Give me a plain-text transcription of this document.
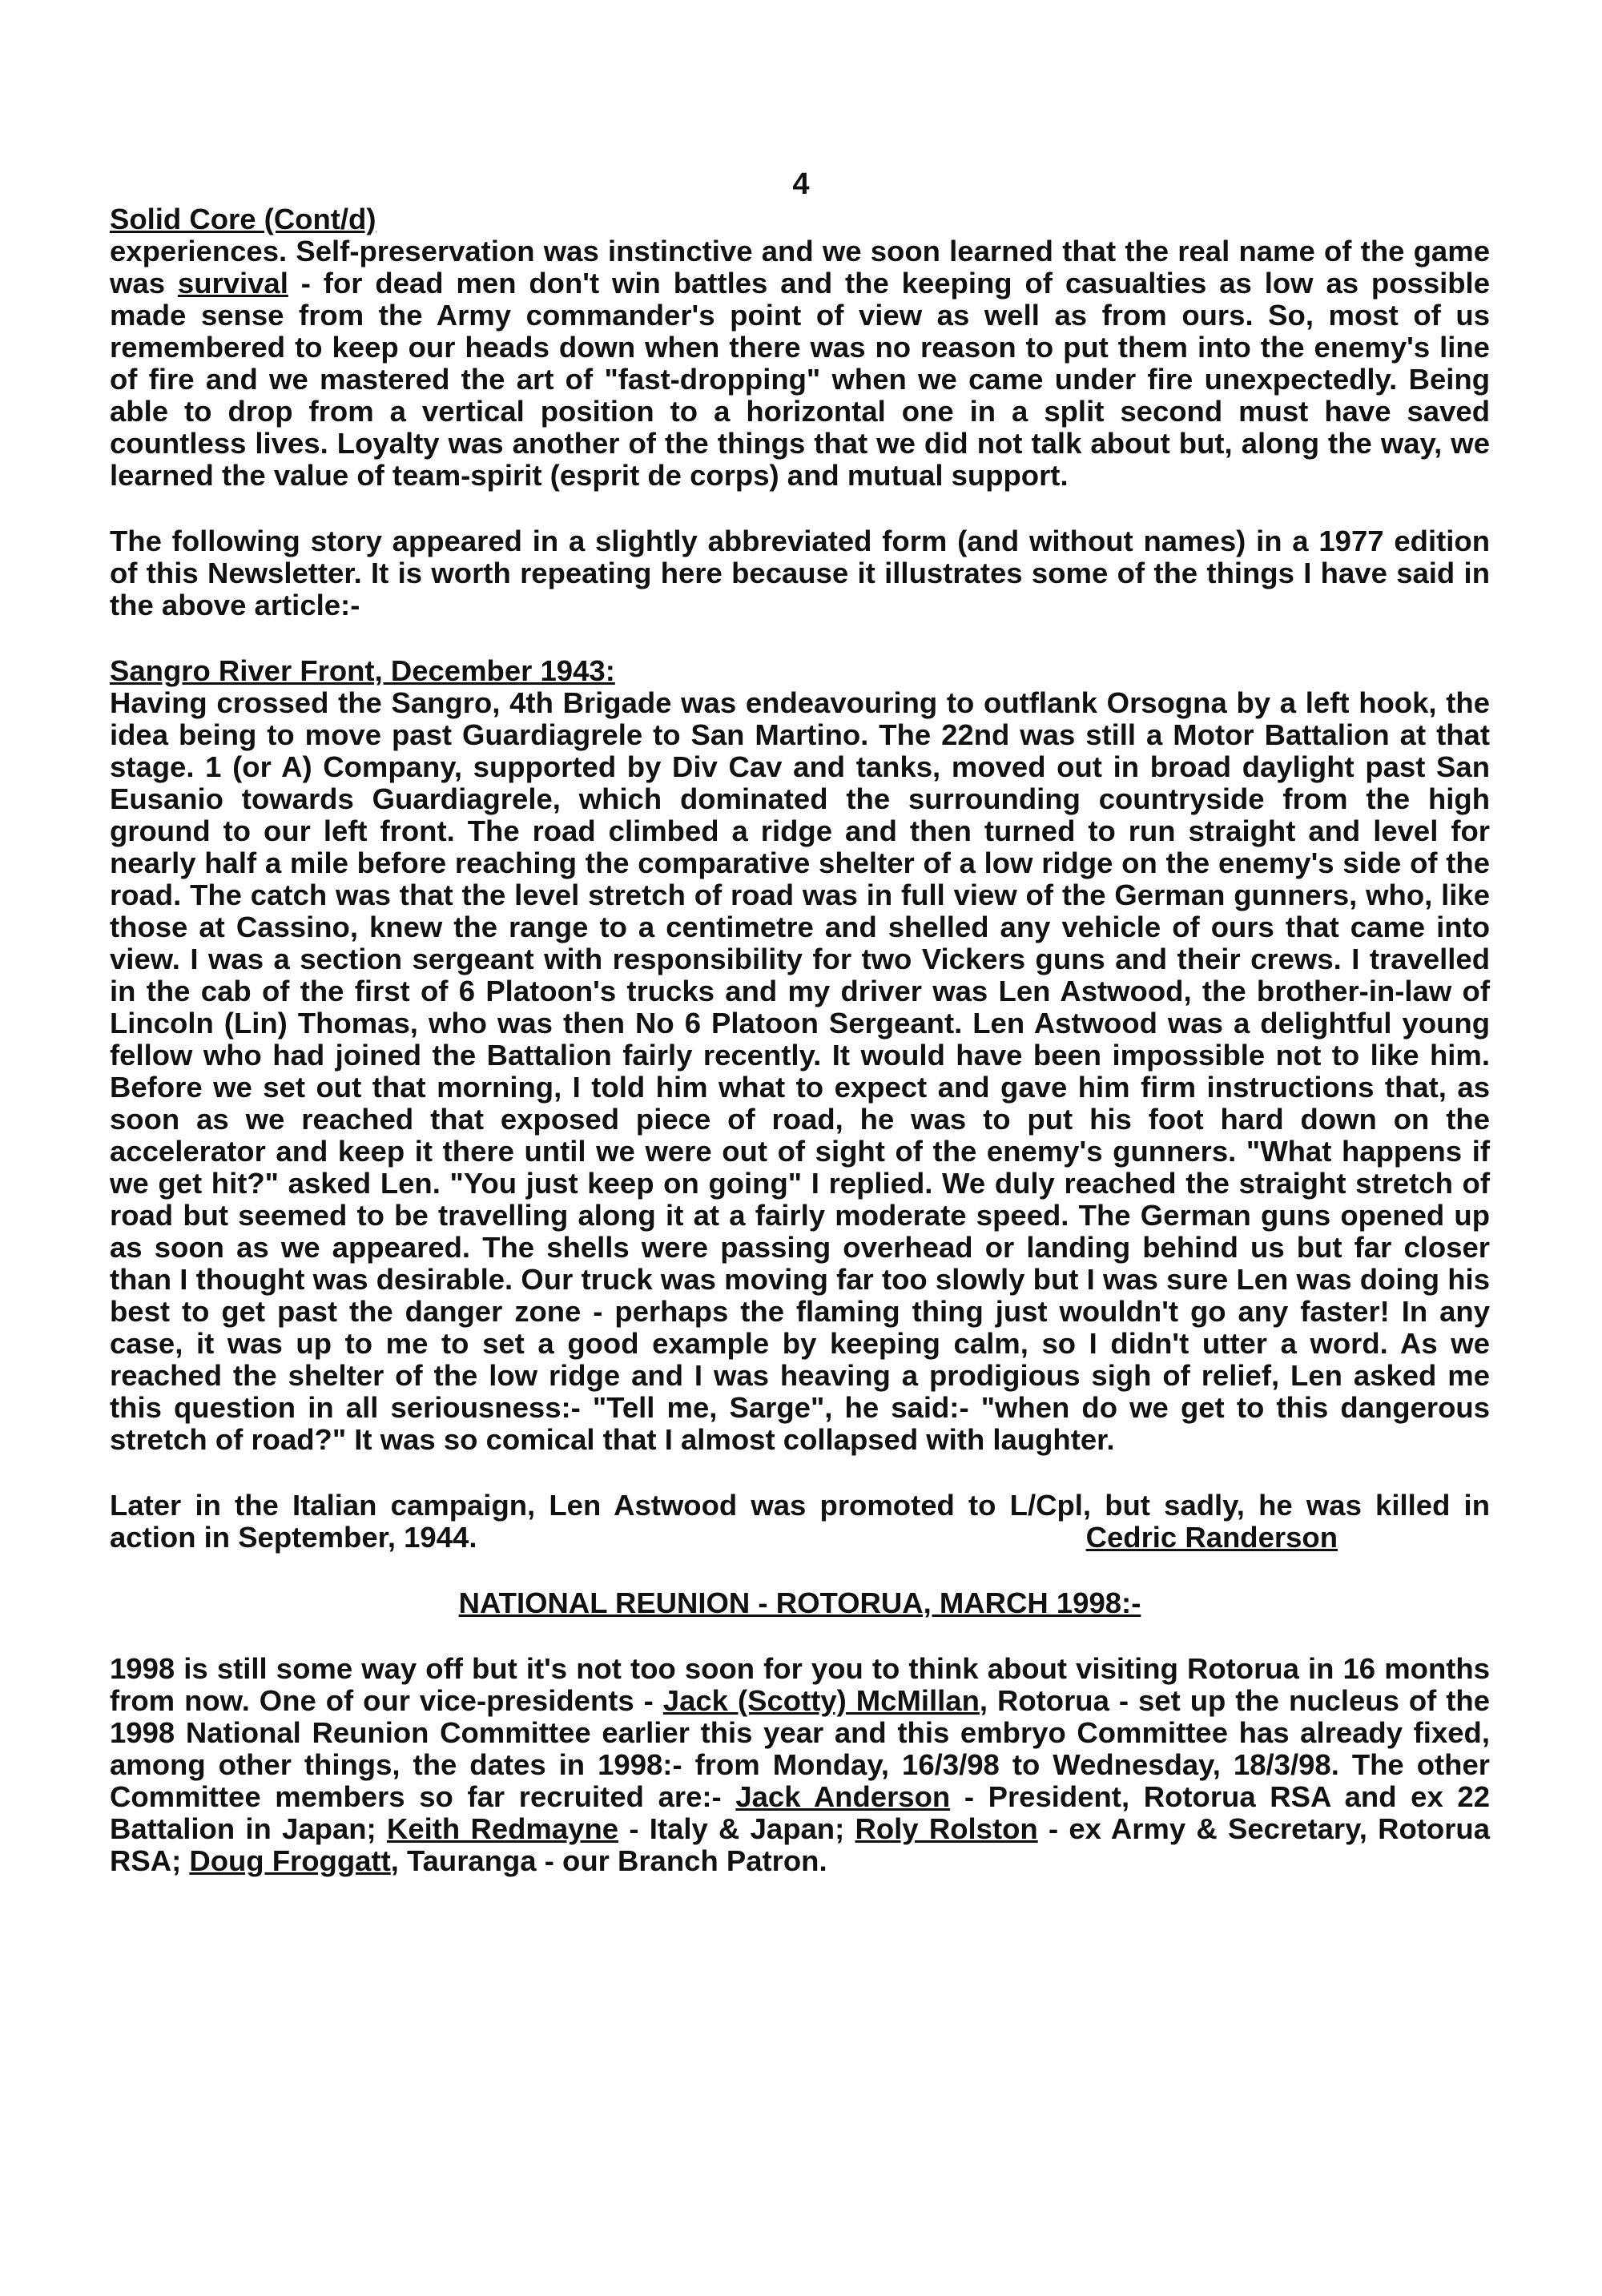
4
Solid Core (Cont/d)

experiences. Self-preservation was instinctive and we soon learned that the real name of the game was survival - for dead men don't win battles and the keeping of casualties as low as possible made sense from the Army commander's point of view as well as from ours. So, most of us remembered to keep our heads down when there was no reason to put them into the enemy's line of fire and we mastered the art of "fast-dropping" when we came under fire unexpectedly. Being able to drop from a vertical position to a horizontal one in a split second must have saved countless lives. Loyalty was another of the things that we did not talk about but, along the way, we learned the value of team-spirit (esprit de corps) and mutual support.

The following story appeared in a slightly abbreviated form (and without names) in a 1977 edition of this Newsletter. It is worth repeating here because it illustrates some of the things I have said in the above article:-

Sangro River Front, December 1943:

Having crossed the Sangro, 4th Brigade was endeavouring to outflank Orsogna by a left hook, the idea being to move past Guardiagrele to San Martino. The 22nd was still a Motor Battalion at that stage. 1 (or A) Company, supported by Div Cav and tanks, moved out in broad daylight past San Eusanio towards Guardiagrele, which dominated the surrounding countryside from the high ground to our left front. The road climbed a ridge and then turned to run straight and level for nearly half a mile before reaching the comparative shelter of a low ridge on the enemy's side of the road. The catch was that the level stretch of road was in full view of the German gunners, who, like those at Cassino, knew the range to a centimetre and shelled any vehicle of ours that came into view. I was a section sergeant with responsibility for two Vickers guns and their crews. I travelled in the cab of the first of 6 Platoon's trucks and my driver was Len Astwood, the brother-in-law of Lincoln (Lin) Thomas, who was then No 6 Platoon Sergeant. Len Astwood was a delightful young fellow who had joined the Battalion fairly recently. It would have been impossible not to like him. Before we set out that morning, I told him what to expect and gave him firm instructions that, as soon as we reached that exposed piece of road, he was to put his foot hard down on the accelerator and keep it there until we were out of sight of the enemy's gunners. "What happens if we get hit?" asked Len. "You just keep on going" I replied. We duly reached the straight stretch of road but seemed to be travelling along it at a fairly moderate speed. The German guns opened up as soon as we appeared. The shells were passing overhead or landing behind us but far closer than I thought was desirable. Our truck was moving far too slowly but I was sure Len was doing his best to get past the danger zone - perhaps the flaming thing just wouldn't go any faster! In any case, it was up to me to set a good example by keeping calm, so I didn't utter a word. As we reached the shelter of the low ridge and I was heaving a prodigious sigh of relief, Len asked me this question in all seriousness:- "Tell me, Sarge", he said:- "when do we get to this dangerous stretch of road?" It was so comical that I almost collapsed with laughter.

Later in the Italian campaign, Len Astwood was promoted to L/Cpl, but sadly, he was killed in action in September, 1944.	Cedric Randerson

NATIONAL REUNION - ROTORUA, MARCH 1998:-

1998 is still some way off but it's not too soon for you to think about visiting Rotorua in 16 months from now. One of our vice-presidents - Jack (Scotty) McMillan, Rotorua - set up the nucleus of the 1998 National Reunion Committee earlier this year and this embryo Committee has already fixed, among other things, the dates in 1998:- from Monday, 16/3/98 to Wednesday, 18/3/98. The other Committee members so far recruited are:- Jack Anderson - President, Rotorua RSA and ex 22 Battalion in Japan; Keith Redmayne - Italy & Japan; Roly Rolston - ex Army & Secretary, Rotorua RSA; Doug Froggatt, Tauranga - our Branch Patron.
